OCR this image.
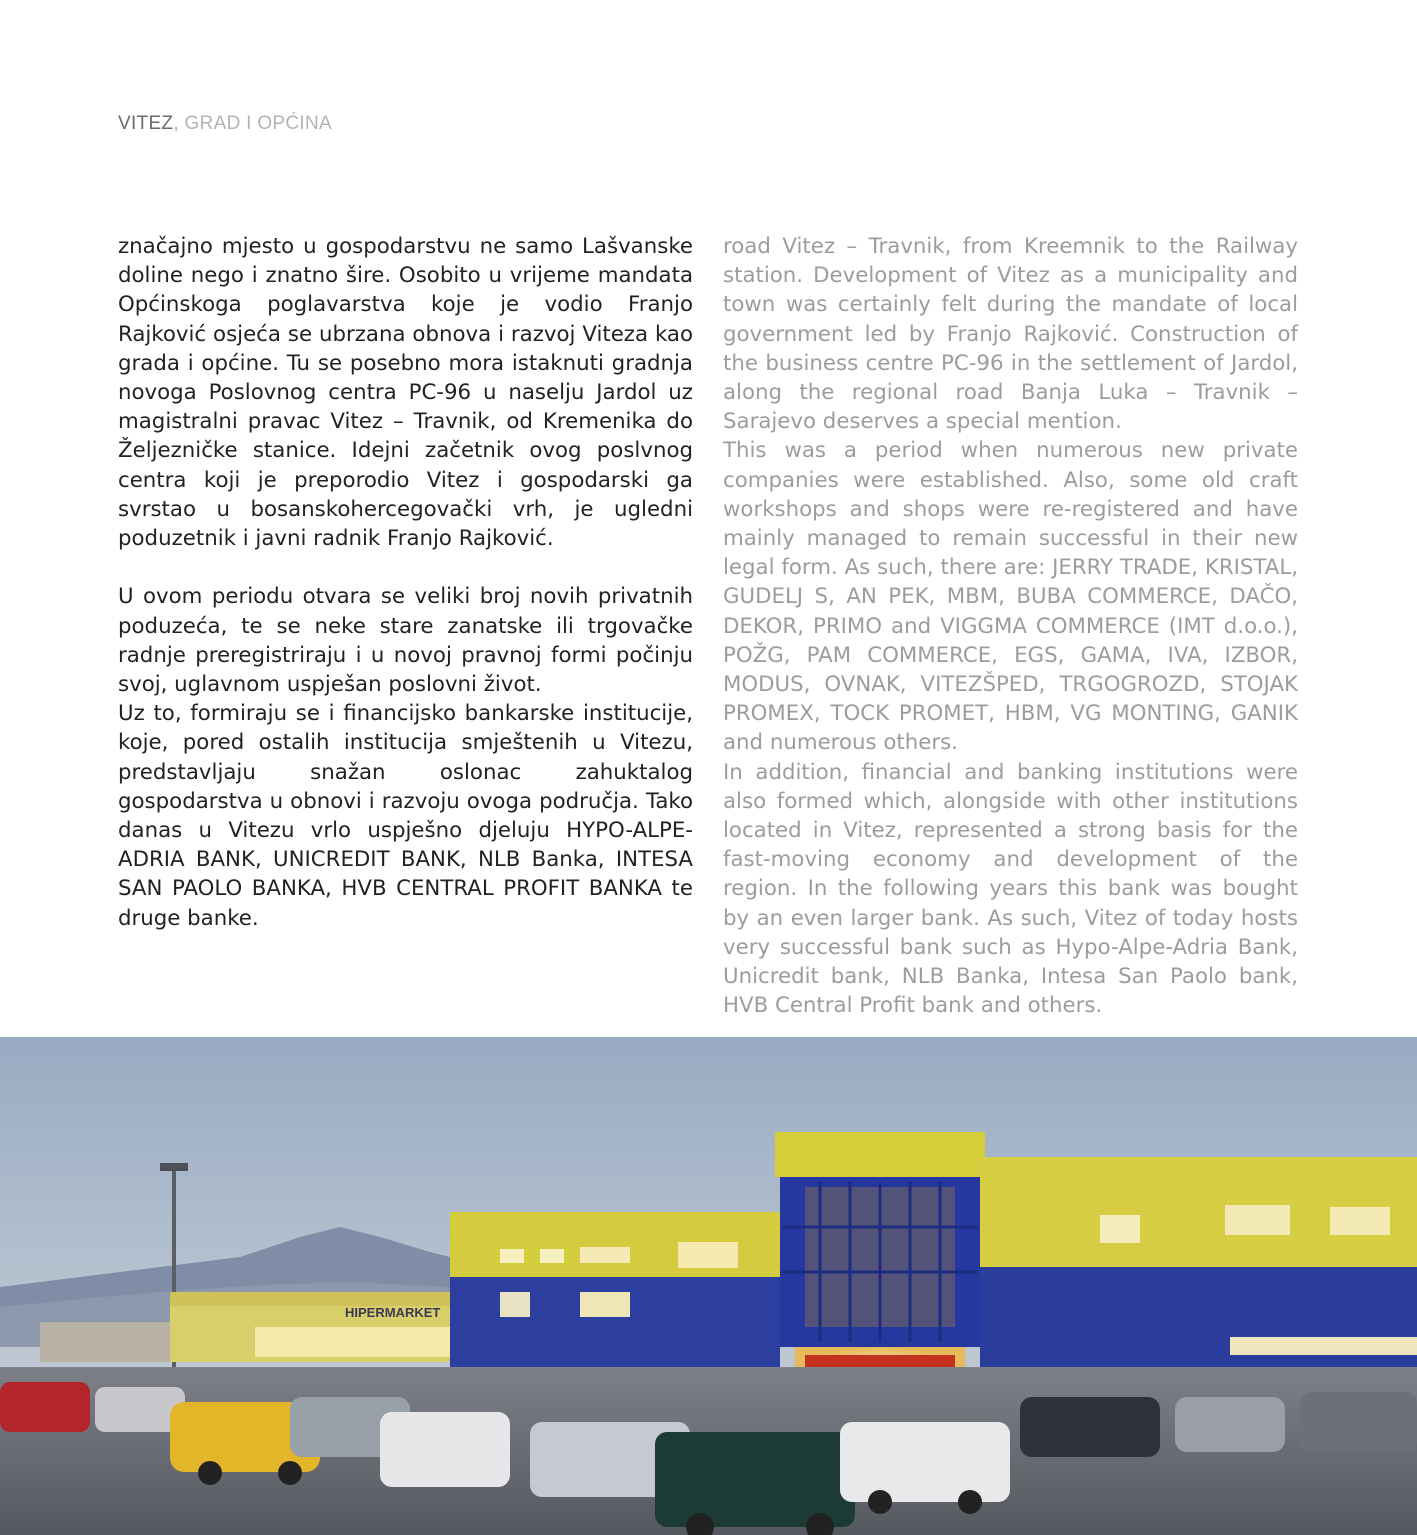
VITEZ, GRAD I OPĆINA

značajno mjesto u gospodarstvu ne samo Lašvanske doline nego i znatno šire. Osobito u vrijeme mandata Općinskoga poglavarstva koje je vodio Franjo Rajković osjeća se ubrzana obnova i razvoj Viteza kao grada i općine. Tu se posebno mora istaknuti gradnja novoga Poslovnog centra PC-96 u naselju Jardol uz magistralni pravac Vitez – Travnik, od Kremenika do Željezničke stanice. Idejni začetnik ovog poslvnog centra koji je preporodio Vitez i gospodarski ga svrstao u bosanskohercegovački vrh, je ugledni poduzetnik i javni radnik Franjo Rajković.

U ovom periodu otvara se veliki broj novih privatnih poduzeća, te se neke stare zanatske ili trgovačke radnje preregistriraju i u novoj pravnoj formi počinju svoj, uglavnom uspješan poslovni život.

Uz to, formiraju se i financijsko bankarske institucije, koje, pored ostalih institucija smještenih u Vitezu, predstavljaju snažan oslonac zahuktalog gospodarstva u obnovi i razvoju ovoga područja. Tako danas u Vitezu vrlo uspješno djeluju HYPO-ALPE-ADRIA BANK, UNICREDIT BANK, NLB Banka, INTESA SAN PAOLO BANKA, HVB CENTRAL PROFIT BANKA te druge banke.

road Vitez – Travnik, from Kreemnik to the Railway station. Development of Vitez as a municipality and town was certainly felt during the mandate of local government led by Franjo Rajković. Construction of the business centre PC-96 in the settlement of Jardol, along the regional road Banja Luka – Travnik – Sarajevo deserves a special mention.

This was a period when numerous new private companies were established. Also, some old craft workshops and shops were re-registered and have mainly managed to remain successful in their new legal form. As such, there are: JERRY TRADE, KRISTAL, GUDELJ S, AN PEK, MBM, BUBA COMMERCE, DAČO, DEKOR, PRIMO and VIGGMA COMMERCE (IMT d.o.o.), POŽG, PAM COMMERCE, EGS, GAMA, IVA, IZBOR, MODUS, OVNAK, VITEZŠPED, TRGOGROZD, STOJAK PROMEX, TOCK PROMET, HBM, VG MONTING, GANIK and numerous others.

In addition, financial and banking institutions were also formed which, alongside with other institutions located in Vitez, represented a strong basis for the fast-moving economy and development of the region. In the following years this bank was bought by an even larger bank. As such, Vitez of today hosts very successful bank such as Hypo-Alpe-Adria Bank, Unicredit bank, NLB Banka, Intesa San Paolo bank, HVB Central Profit bank and others.

HIPERMARKET
